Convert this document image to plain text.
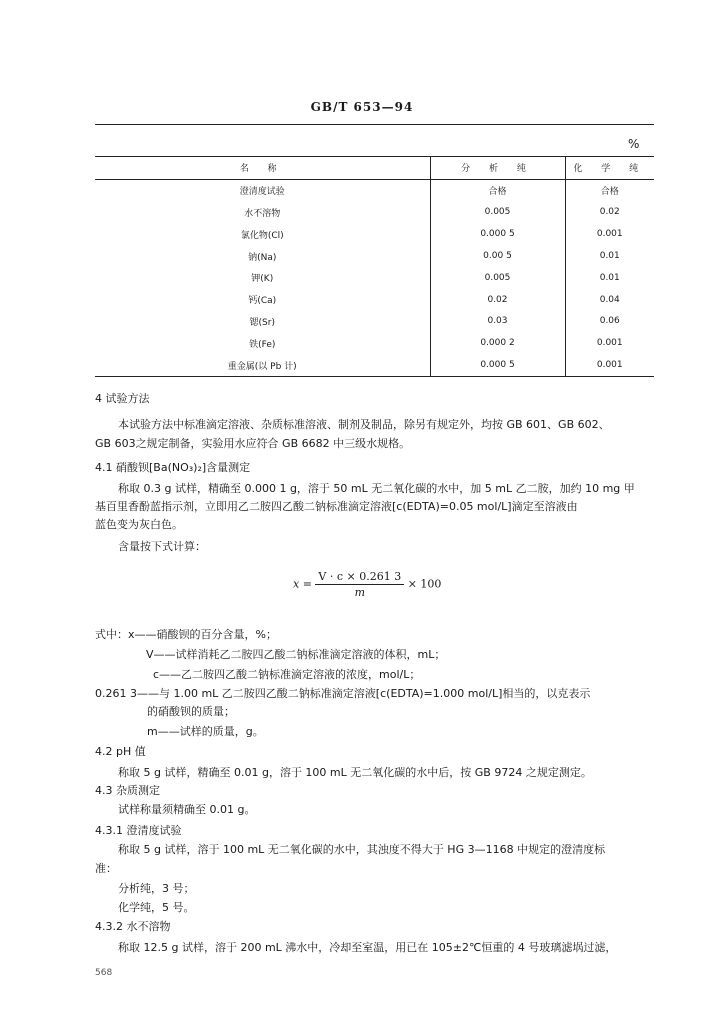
GB/T 653—94
%
名 称	分 析 纯	化 学 纯
澄清度试验	合格	合格
水不溶物	0.005	0.02
氯化物(Cl)	0.000 5	0.001
钠(Na)	0.00 5	0.01
钾(K)	0.005	0.01
钙(Ca)	0.02	0.04
锶(Sr)	0.03	0.06
铁(Fe)	0.000 2	0.001
重金属(以 Pb 计)	0.000 5	0.001
4 试验方法
本试验方法中标准滴定溶液、杂质标准溶液、制剂及制品，除另有规定外，均按 GB 601、GB 602、
GB 603之规定制备，实验用水应符合 GB 6682 中三级水规格。
4.1 硝酸钡[Ba(NO₃)₂]含量测定
称取 0.3 g 试样，精确至 0.000 1 g，溶于 50 mL 无二氧化碳的水中，加 5 mL 乙二胺，加约 10 mg 甲
基百里香酚蓝指示剂，立即用乙二胺四乙酸二钠标准滴定溶液[c(EDTA)=0.05 mol/L]滴定至溶液由
蓝色变为灰白色。
含量按下式计算：
$x = \frac{V \cdot c \times 0.261 3}{m} \times 100$
式中：x——硝酸钡的百分含量，%；
V——试样消耗乙二胺四乙酸二钠标准滴定溶液的体积，mL；
c——乙二胺四乙酸二钠标准滴定溶液的浓度，mol/L；
0.261 3——与 1.00 mL 乙二胺四乙酸二钠标准滴定溶液[c(EDTA)=1.000 mol/L]相当的，以克表示
的硝酸钡的质量；
m——试样的质量，g。
4.2 pH 值
称取 5 g 试样，精确至 0.01 g，溶于 100 mL 无二氧化碳的水中后，按 GB 9724 之规定测定。
4.3 杂质测定
试样称量须精确至 0.01 g。
4.3.1 澄清度试验
称取 5 g 试样，溶于 100 mL 无二氧化碳的水中，其浊度不得大于 HG 3—1168 中规定的澄清度标
准：
分析纯，3 号；
化学纯，5 号。
4.3.2 水不溶物
称取 12.5 g 试样，溶于 200 mL 沸水中，冷却至室温，用已在 105±2℃恒重的 4 号玻璃滤埚过滤，
568
